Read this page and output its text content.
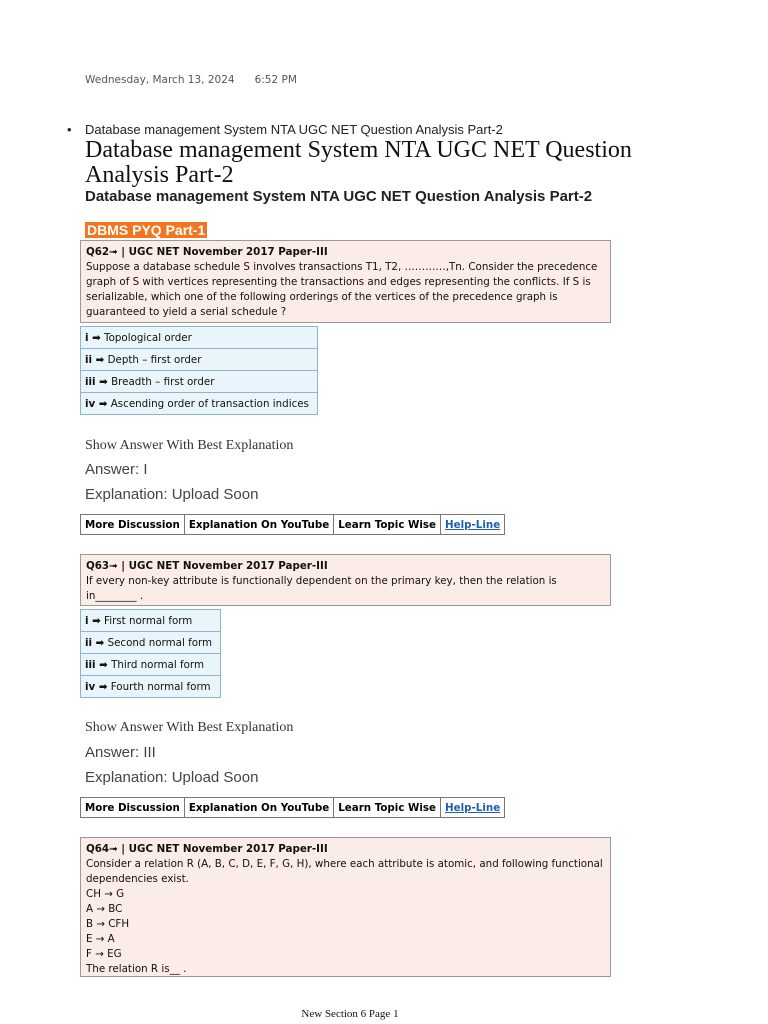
Wednesday, March 13, 2024 6:52 PM
• Database management System NTA UGC NET Question Analysis Part-2
Database management System NTA UGC NET Question Analysis Part-2
Database management System NTA UGC NET Question Analysis Part-2
DBMS PYQ Part-1
Q62➟ | UGC NET November 2017 Paper-III
Suppose a database schedule S involves transactions T1, T2, …………,Tn. Consider the precedence graph of S with vertices representing the transactions and edges representing the conflicts. If S is serializable, which one of the following orderings of the vertices of the precedence graph is guaranteed to yield a serial schedule ?
i ➡ Topological order
ii ➡ Depth – first order
iii ➡ Breadth – first order
iv ➡ Ascending order of transaction indices
Show Answer With Best Explanation
Answer: I
Explanation: Upload Soon
More Discussion	Explanation On YouTube	Learn Topic Wise	Help-Line
Q63➟ | UGC NET November 2017 Paper-III
If every non-key attribute is functionally dependent on the primary key, then the relation is in________ .
i ➡ First normal form
ii ➡ Second normal form
iii ➡ Third normal form
iv ➡ Fourth normal form
Show Answer With Best Explanation
Answer: III
Explanation: Upload Soon
More Discussion	Explanation On YouTube	Learn Topic Wise	Help-Line
Q64➟ | UGC NET November 2017 Paper-III
Consider a relation R (A, B, C, D, E, F, G, H), where each attribute is atomic, and following functional dependencies exist.
CH → G
A → BC
B → CFH
E → A
F → EG
The relation R is__ .
New Section 6 Page 1
